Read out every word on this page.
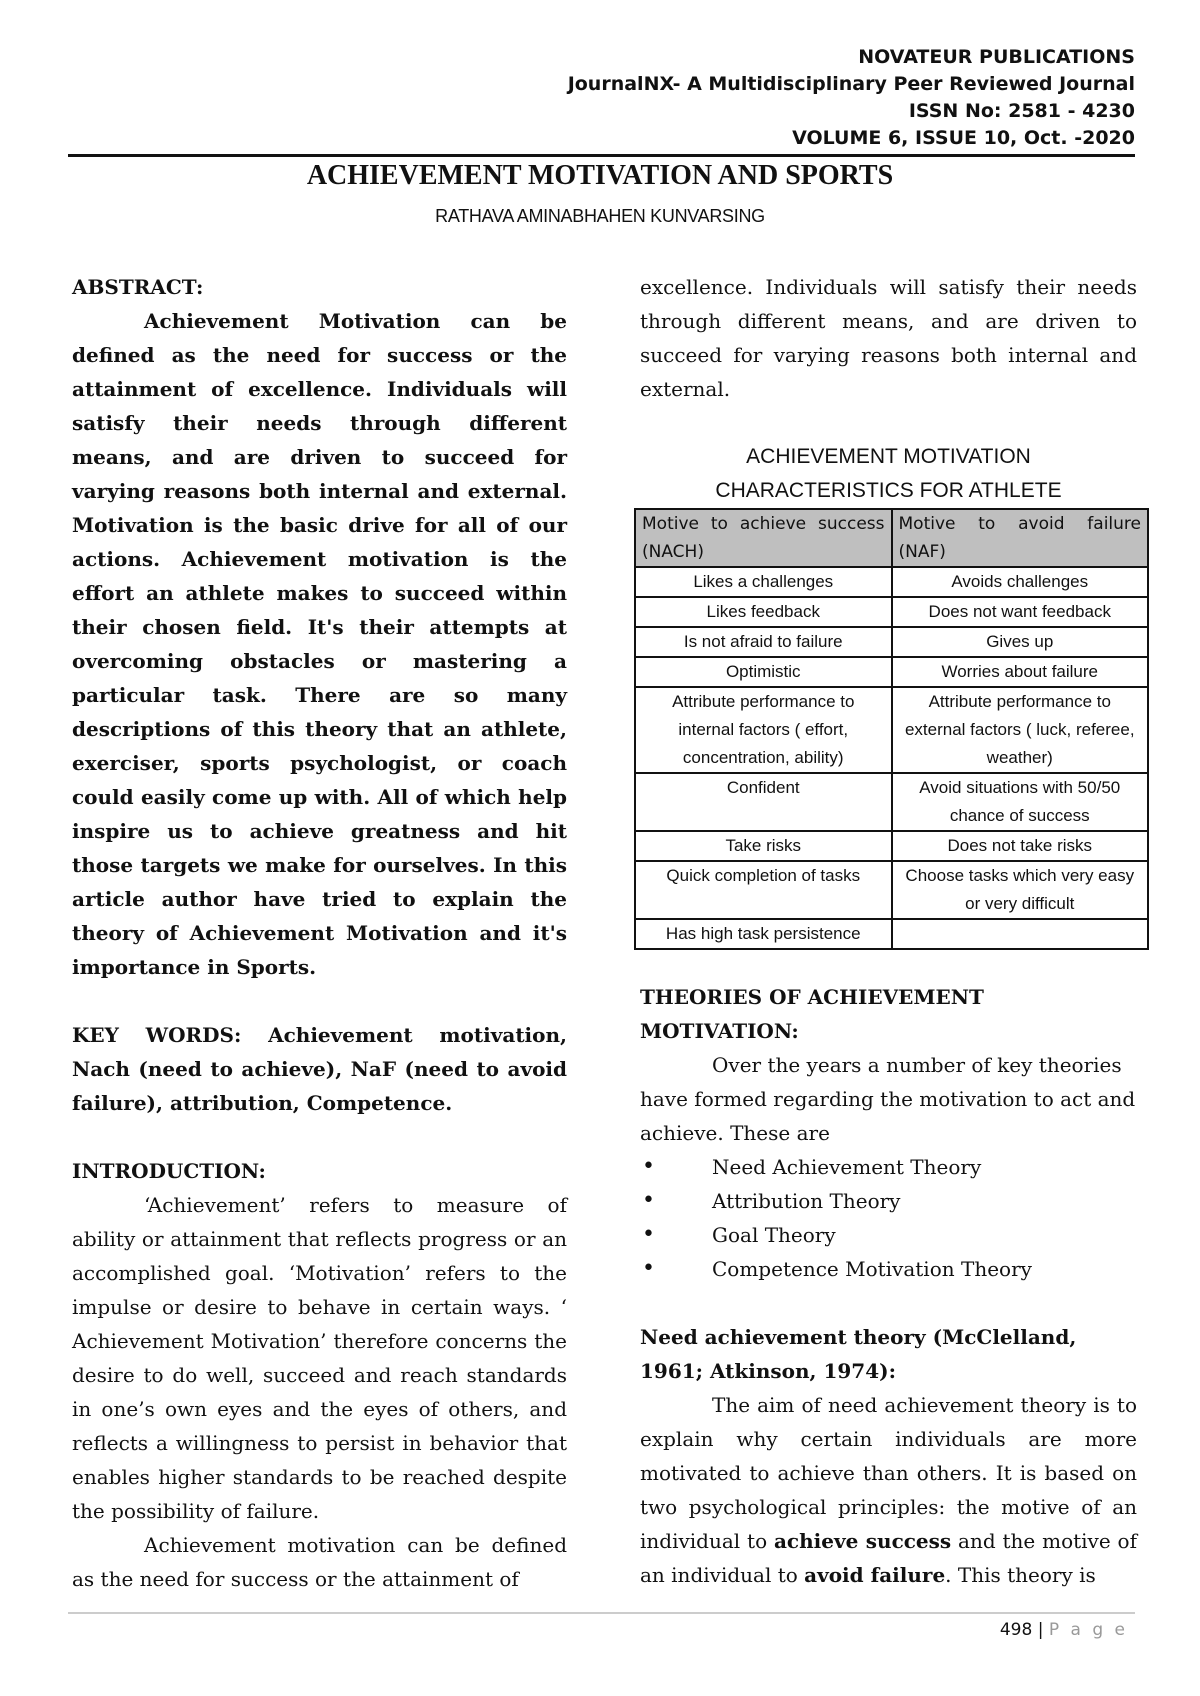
NOVATEUR PUBLICATIONS
JournalNX- A Multidisciplinary Peer Reviewed Journal
ISSN No: 2581 - 4230
VOLUME 6, ISSUE 10, Oct. -2020
ACHIEVEMENT MOTIVATION AND SPORTS
RATHAVA AMINABHAHEN KUNVARSING

ABSTRACT:

Achievement Motivation can be defined as the need for success or the attainment of excellence. Individuals will satisfy their needs through different means, and are driven to succeed for varying reasons both internal and external. Motivation is the basic drive for all of our actions. Achievement motivation is the effort an athlete makes to succeed within their chosen field. It's their attempts at overcoming obstacles or mastering a particular task. There are so many descriptions of this theory that an athlete, exerciser, sports psychologist, or coach could easily come up with. All of which help inspire us to achieve greatness and hit those targets we make for ourselves. In this article author have tried to explain the theory of Achievement Motivation and it's importance in Sports.

KEY WORDS: Achievement motivation, Nach (need to achieve), NaF (need to avoid failure), attribution, Competence.

INTRODUCTION:

‘Achievement’ refers to measure of ability or attainment that reflects progress or an accomplished goal. ‘Motivation’ refers to the impulse or desire to behave in certain ways. ‘ Achievement Motivation’ therefore concerns the desire to do well, succeed and reach standards in one’s own eyes and the eyes of others, and reflects a willingness to persist in behavior that enables higher standards to be reached despite the possibility of failure.

Achievement motivation can be defined as the need for success or the attainment of

excellence. Individuals will satisfy their needs through different means, and are driven to succeed for varying reasons both internal and external.

ACHIEVEMENT MOTIVATION
CHARACTERISTICS FOR ATHLETE
Motive to achieve success (NACH)	Motive to avoid failure (NAF)
Likes a challenges	Avoids challenges
Likes feedback	Does not want feedback
Is not afraid to failure	Gives up
Optimistic	Worries about failure
Attribute performance to internal factors ( effort, concentration, ability)	Attribute performance to external factors ( luck, referee, weather)
Confident	Avoid situations with 50/50 chance of success
Take risks	Does not take risks
Quick completion of tasks	Choose tasks which very easy or very difficult
Has high task persistence	

THEORIES OF ACHIEVEMENT MOTIVATION:

Over the years a number of key theories have formed regarding the motivation to act and achieve. These are

• Need Achievement Theory
• Attribution Theory
• Goal Theory
• Competence Motivation Theory

Need achievement theory (McClelland, 1961; Atkinson, 1974):

The aim of need achievement theory is to explain why certain individuals are more motivated to achieve than others. It is based on two psychological principles: the motive of an individual to achieve success and the motive of an individual to avoid failure. This theory is

498 | P a g e
